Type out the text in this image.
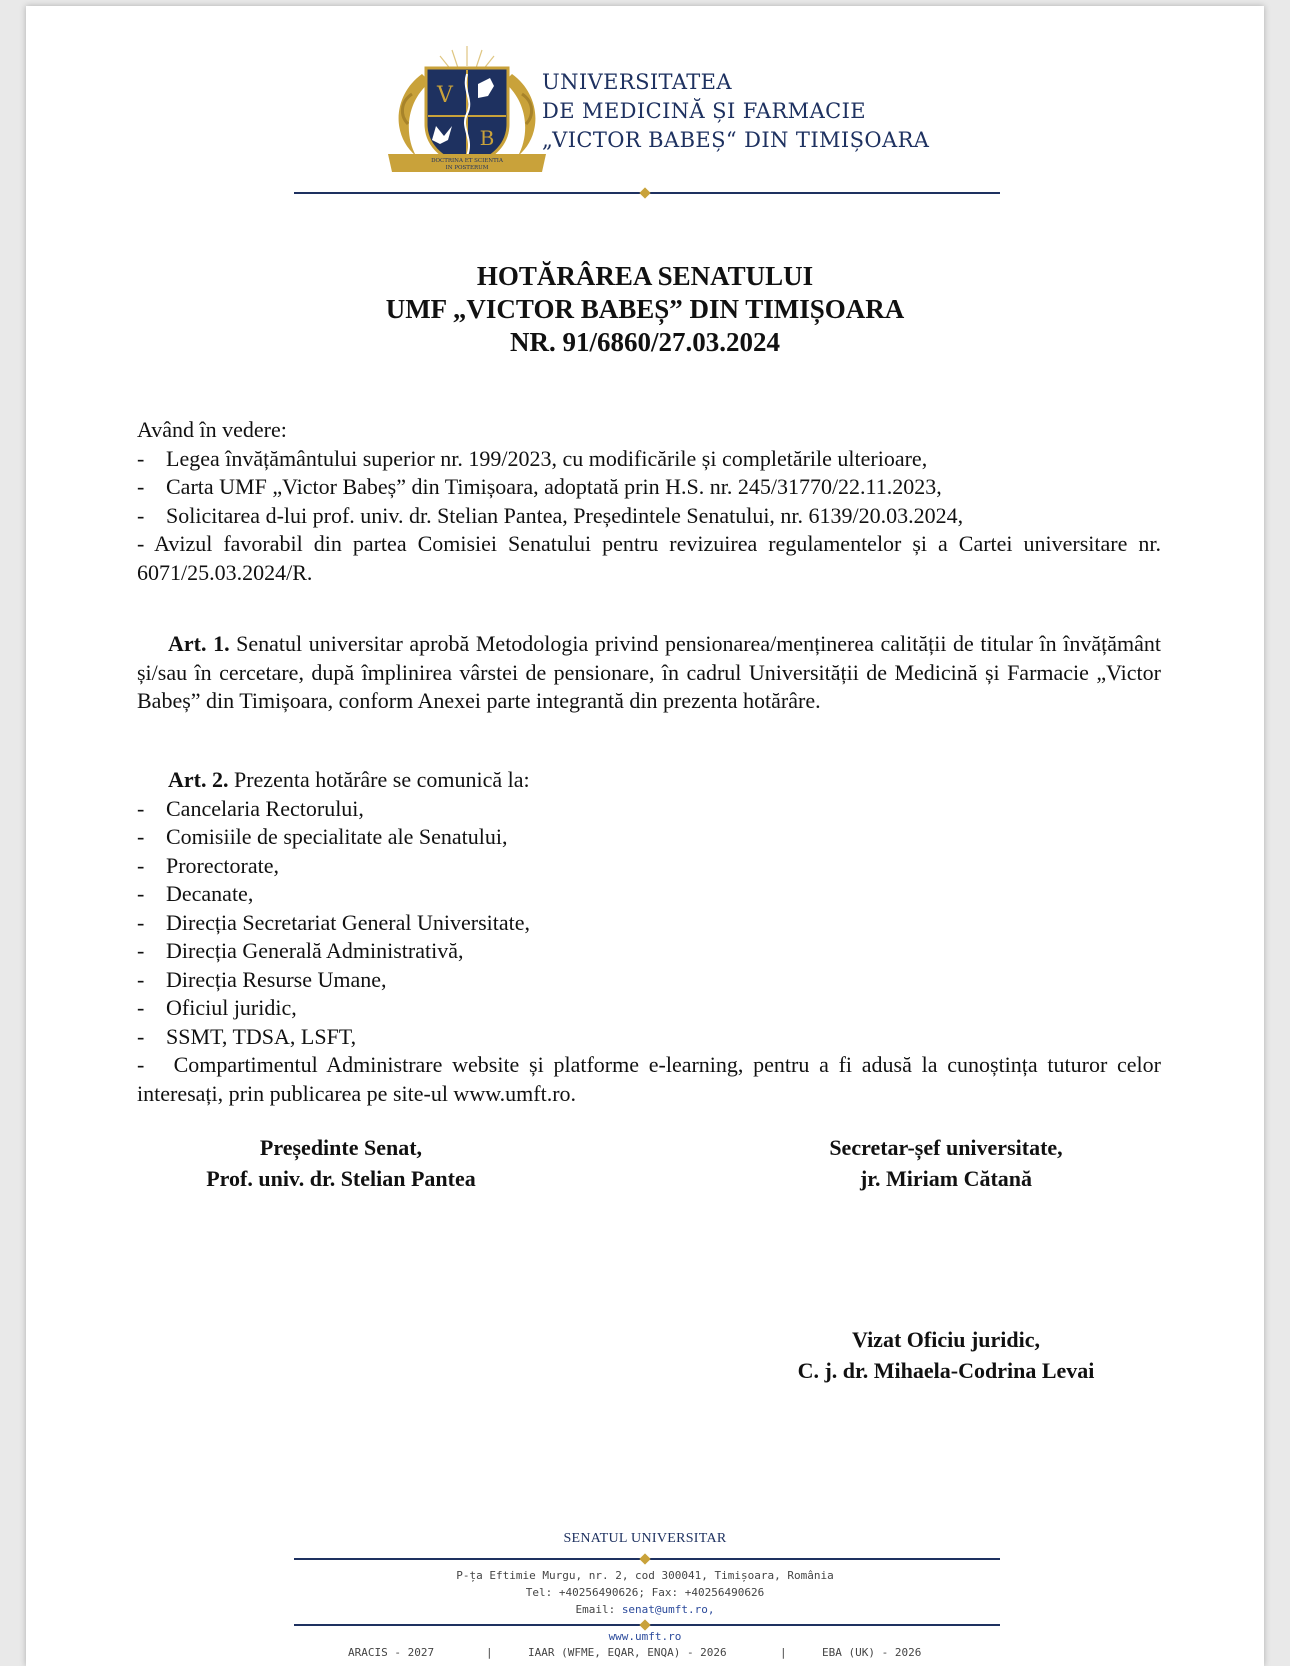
V
B
DOCTRINA ET SCIENTIA
IN POSTERUM
UNIVERSITATEA
DE MEDICINĂ ȘI FARMACIE
„VICTOR BABEȘ“ DIN TIMIȘOARA
HOTĂRÂREA SENATULUI
UMF „VICTOR BABEȘ” DIN TIMIȘOARA
NR. 91/6860/27.03.2024
Având în vedere:
- Legea învățământului superior nr. 199/2023, cu modificările și completările ulterioare,
- Carta UMF „Victor Babeș” din Timișoara, adoptată prin H.S. nr. 245/31770/22.11.2023,
- Solicitarea d-lui prof. univ. dr. Stelian Pantea, Președintele Senatului, nr. 6139/20.03.2024,
- Avizul favorabil din partea Comisiei Senatului pentru revizuirea regulamentelor și a Cartei universitare nr. 6071/25.03.2024/R.
Art. 1. Senatul universitar aprobă Metodologia privind pensionarea/menținerea calității de titular în învățământ și/sau în cercetare, după împlinirea vârstei de pensionare, în cadrul Universității de Medicină și Farmacie „Victor Babeș” din Timișoara, conform Anexei parte integrantă din prezenta hotărâre.
Art. 2. Prezenta hotărâre se comunică la:
- Cancelaria Rectorului,
- Comisiile de specialitate ale Senatului,
- Prorectorate,
- Decanate,
- Direcția Secretariat General Universitate,
- Direcția Generală Administrativă,
- Direcția Resurse Umane,
- Oficiul juridic,
- SSMT, TDSA, LSFT,
- Compartimentul Administrare website și platforme e-learning, pentru a fi adusă la cunoștința tuturor celor interesați, prin publicarea pe site-ul www.umft.ro.
Președinte Senat,
Prof. univ. dr. Stelian Pantea
Secretar-șef universitate,
jr. Miriam Cătană
Vizat Oficiu juridic,
C. j. dr. Mihaela-Codrina Levai
SENATUL UNIVERSITAR
P-ța Eftimie Murgu, nr. 2, cod 300041, Timișoara, România
Tel: +40256490626; Fax: +40256490626
Email: senat@umft.ro,
www.umft.ro
ARACIS - 2027	|	IAAR (WFME, EQAR, ENQA) - 2026	|	EBA (UK) - 2026
